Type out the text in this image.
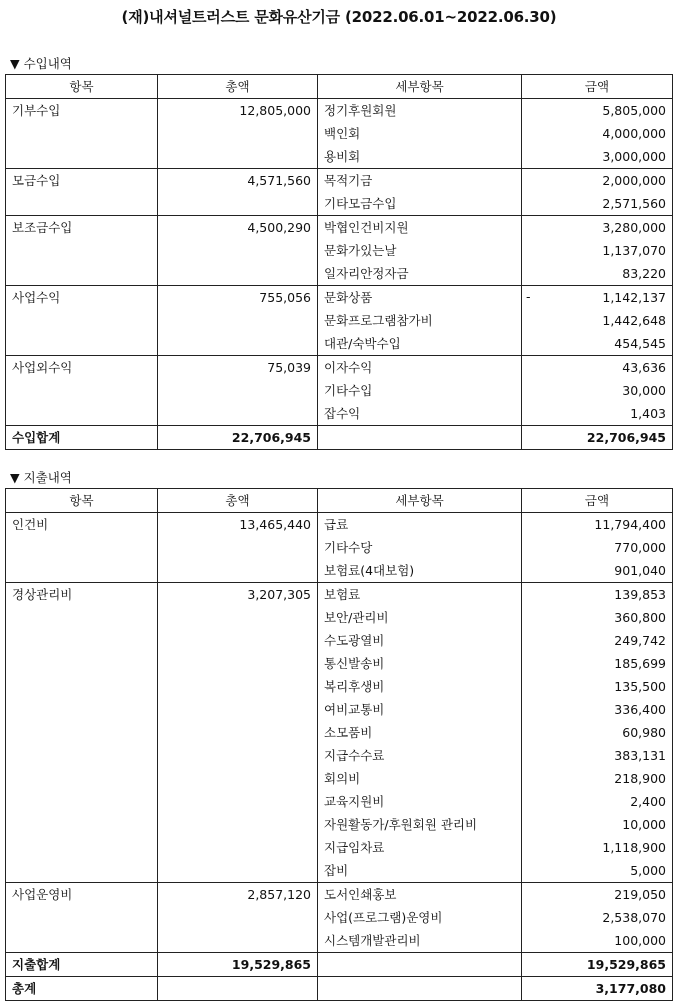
(재)내셔널트러스트 문화유산기금 (2022.06.01~2022.06.30)
▼ 수입내역
항목	총액	세부항목	금액
기부수입	12,805,000	정기후원회원	5,805,000
		백인회	4,000,000
		용비회	3,000,000
모금수입	4,571,560	목적기금	2,000,000
		기타모금수입	2,571,560
보조금수입	4,500,290	박협인건비지원	3,280,000
		문화가있는날	1,137,070
		일자리안정자금	83,220
사업수익	755,056	문화상품	- 1,142,137
		문화프로그램참가비	1,442,648
		대관/숙박수입	454,545
사업외수익	75,039	이자수익	43,636
		기타수입	30,000
		잡수익	1,403
수입합계	22,706,945		22,706,945
▼ 지출내역
항목	총액	세부항목	금액
인건비	13,465,440	급료	11,794,400
		기타수당	770,000
		보험료(4대보험)	901,040
경상관리비	3,207,305	보험료	139,853
		보안/관리비	360,800
		수도광열비	249,742
		통신발송비	185,699
		복리후생비	135,500
		여비교통비	336,400
		소모품비	60,980
		지급수수료	383,131
		회의비	218,900
		교육지원비	2,400
		자원활동가/후원회원 관리비	10,000
		지급임차료	1,118,900
		잡비	5,000
사업운영비	2,857,120	도서인쇄홍보	219,050
		사업(프로그램)운영비	2,538,070
		시스템개발관리비	100,000
지출합계	19,529,865		19,529,865
총계			3,177,080
